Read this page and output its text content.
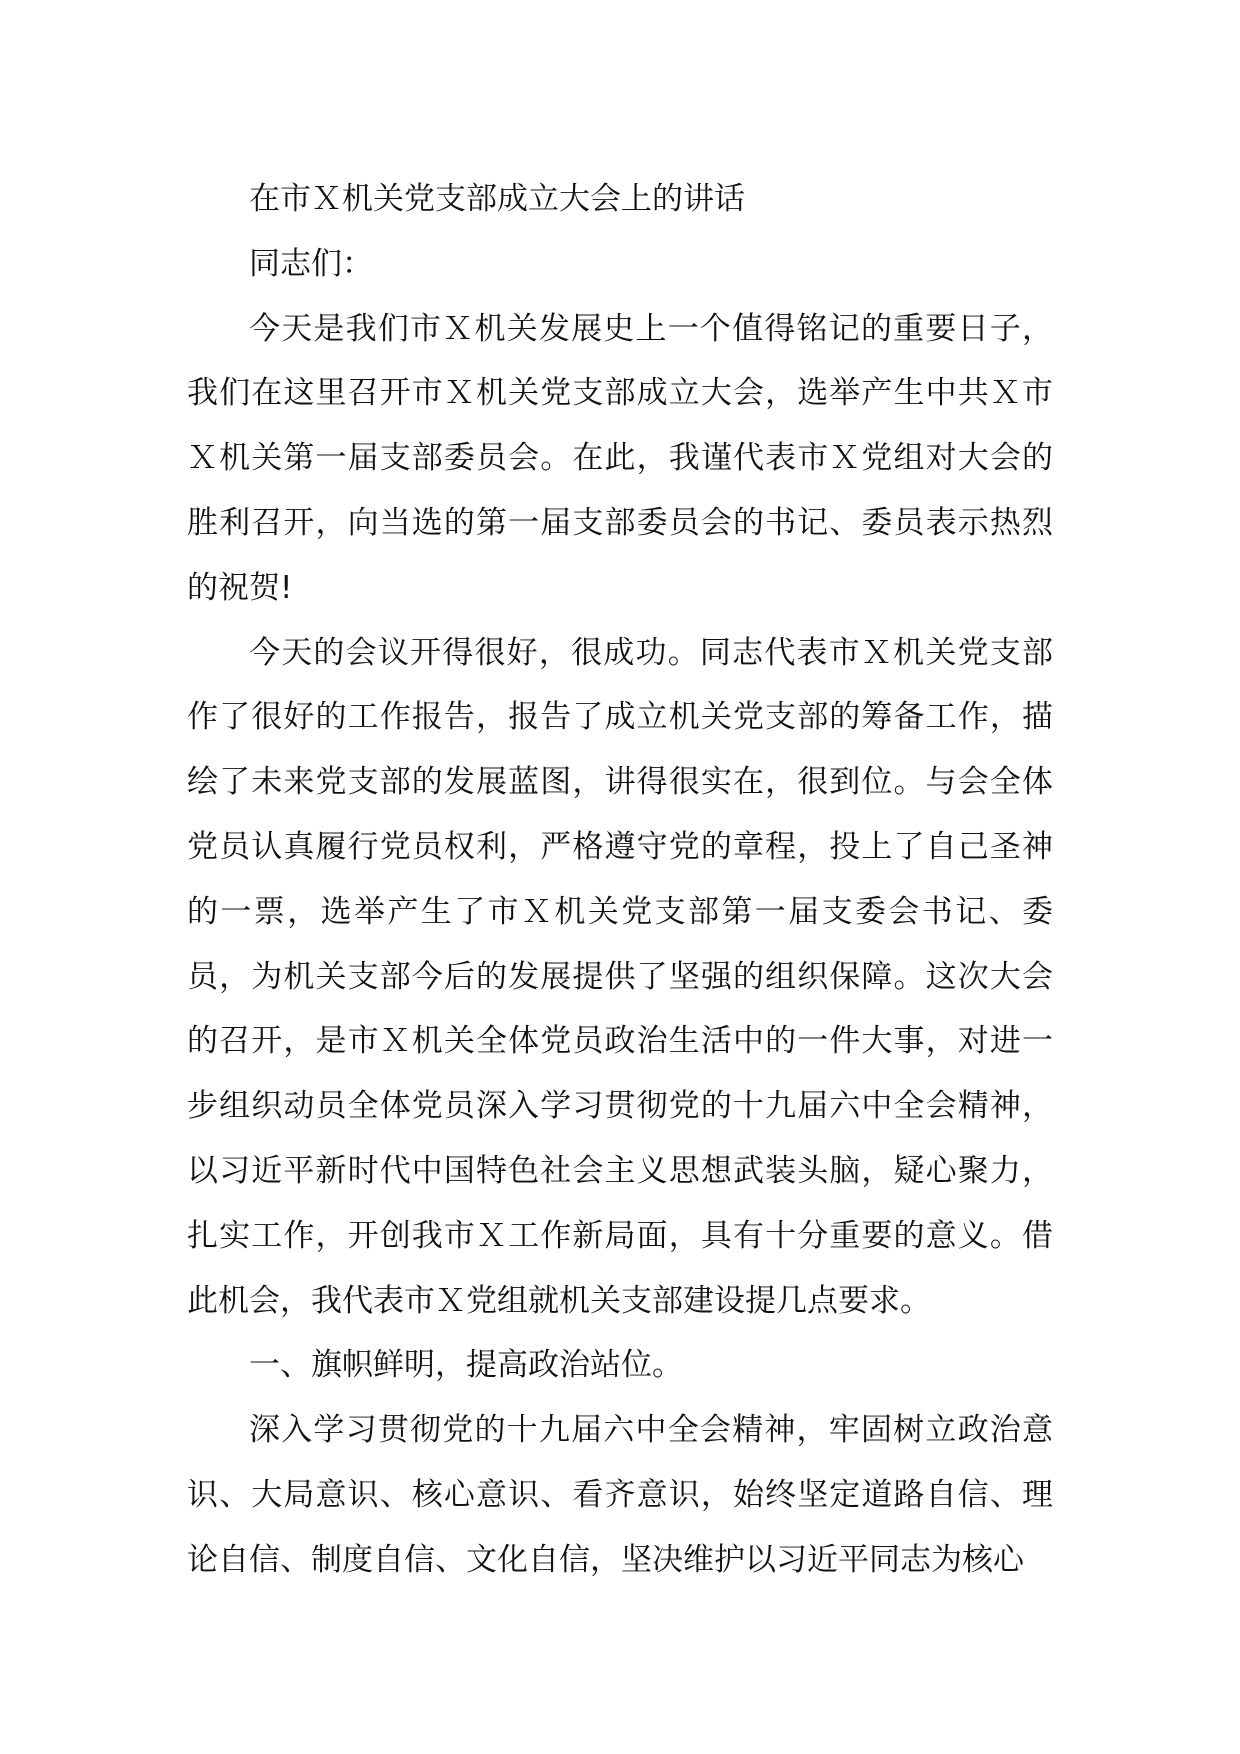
在市Ｘ机关党支部成立大会上的讲话

同志们：

今天是我们市Ｘ机关发展史上一个值得铭记的重要日子，我们在这里召开市Ｘ机关党支部成立大会，选举产生中共Ｘ市Ｘ机关第一届支部委员会。在此，我谨代表市Ｘ党组对大会的胜利召开，向当选的第一届支部委员会的书记、委员表示热烈的祝贺!

今天的会议开得很好，很成功。同志代表市Ｘ机关党支部作了很好的工作报告，报告了成立机关党支部的筹备工作，描绘了未来党支部的发展蓝图，讲得很实在，很到位。与会全体党员认真履行党员权利，严格遵守党的章程，投上了自己圣神的一票，选举产生了市Ｘ机关党支部第一届支委会书记、委员，为机关支部今后的发展提供了坚强的组织保障。这次大会的召开，是市Ｘ机关全体党员政治生活中的一件大事，对进一步组织动员全体党员深入学习贯彻党的十九届六中全会精神，以习近平新时代中国特色社会主义思想武装头脑，疑心聚力，扎实工作，开创我市Ｘ工作新局面，具有十分重要的意义。借此机会，我代表市Ｘ党组就机关支部建设提几点要求。

一、旗帜鲜明，提高政治站位。

深入学习贯彻党的十九届六中全会精神，牢固树立政治意识、大局意识、核心意识、看齐意识，始终坚定道路自信、理论自信、制度自信、文化自信，坚决维护以习近平同志为核心
